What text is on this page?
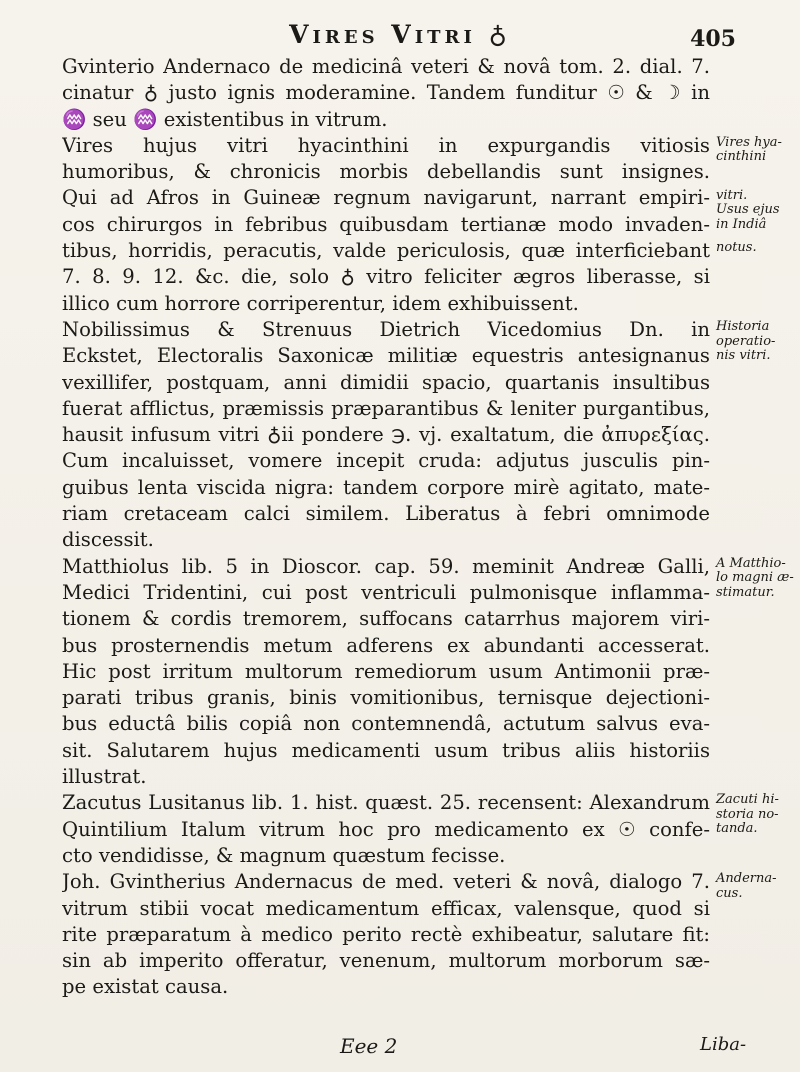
Vires Vitri ♁	405
Gvinterio Andernaco de medicinâ veteri & novâ tom. 2. dial. 7.
cinatur ♁ justo ignis moderamine. Tandem funditur ☉ & ☽ in
♒ seu ♒ existentibus in vitrum.
Vires hujus vitri hyacinthini in expurgandis vitiosis
humoribus, & chronicis morbis debellandis sunt insignes.
Qui ad Afros in Guineæ regnum navigarunt, narrant empiri-
cos chirurgos in febribus quibusdam tertianæ modo invaden-
tibus, horridis, peracutis, valde periculosis, quæ interficiebant
7. 8. 9. 12. &c. die, solo ♁ vitro feliciter ægros liberasse, si
illico cum horrore corriperentur, idem exhibuissent.
Nobilissimus & Strenuus Dietrich Vicedomius Dn. in
Eckstet, Electoralis Saxonicæ militiæ equestris antesignanus
vexillifer, postquam, anni dimidii spacio, quartanis insultibus
fuerat afflictus, præmissis præparantibus & leniter purgantibus,
hausit infusum vitri ♁ii pondere ℈. vj. exaltatum, die ἀπυρεξίας.
Cum incaluisset, vomere incepit cruda: adjutus jusculis pin-
guibus lenta viscida nigra: tandem corpore mirè agitato, mate-
riam cretaceam calci similem. Liberatus à febri omnimode
discessit.
Matthiolus lib. 5 in Dioscor. cap. 59. meminit Andreæ Galli,
Medici Tridentini, cui post ventriculi pulmonisque inflamma-
tionem & cordis tremorem, suffocans catarrhus majorem viri-
bus prosternendis metum adferens ex abundanti accesserat.
Hic post irritum multorum remediorum usum Antimonii præ-
parati tribus granis, binis vomitionibus, ternisque dejectioni-
bus eductâ bilis copiâ non contemnendâ, actutum salvus eva-
sit. Salutarem hujus medicamenti usum tribus aliis historiis
illustrat.
Zacutus Lusitanus lib. 1. hist. quæst. 25. recensent: Alexandrum
Quintilium Italum vitrum hoc pro medicamento ex ☉ confe-
cto vendidisse, & magnum quæstum fecisse.
Joh. Gvintherius Andernacus de med. veteri & novâ, dialogo 7.
vitrum stibii vocat medicamentum efficax, valensque, quod si
rite præparatum à medico perito rectè exhibeatur, salutare fit:
sin ab imperito offeratur, venenum, multorum morborum sæ-
pe existat causa.
Vires hya-
cinthini
vitri.
Usus ejus
in Indiâ
notus.
Historia
operatio-
nis vitri.
A Matthio-
lo magni æ-
stimatur.
Zacuti hi-
storia no-
tanda.
Anderna-
cus.
Eee 2	Liba-
